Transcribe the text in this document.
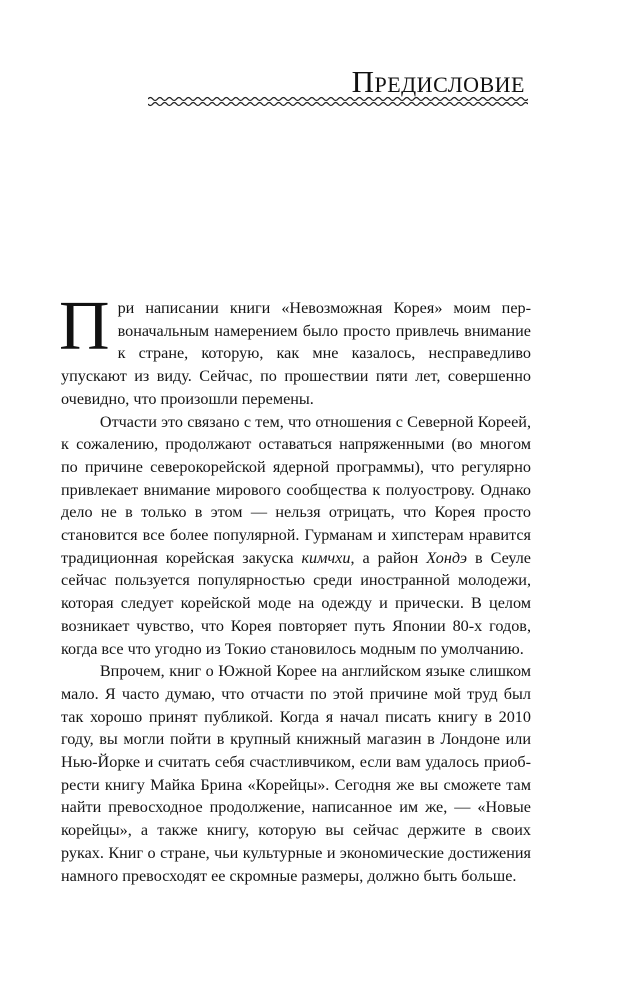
Предисловие

При написании книги «Невозможная Корея» моим первоначальным намерением было просто привлечь внимание к стране, которую, как мне казалось, несправедливо упускают из виду. Сейчас, по прошествии пяти лет, совершенно очевидно, что произошли перемены.

Отчасти это связано с тем, что отношения с Северной Кореей, к сожалению, продолжают оставаться напряженными (во многом по причине северокорейской ядерной программы), что регулярно привлекает внимание мирового сообщества к полуострову. Однако дело не в только в этом — нельзя отрицать, что Корея просто становится все более популярной. Гурманам и хипстерам нравится традиционная корейская закуска кимчхи, а район Хондэ в Сеуле сейчас пользуется популярностью среди иностранной молодежи, которая следует корейской моде на одежду и прически. В целом возникает чувство, что Корея повторяет путь Японии 80-х годов, когда все что угодно из Токио становилось модным по умолчанию.

Впрочем, книг о Южной Корее на английском языке слишком мало. Я часто думаю, что отчасти по этой причине мой труд был так хорошо принят публикой. Когда я начал писать книгу в 2010 году, вы могли пойти в крупный книжный магазин в Лондоне или Нью-Йорке и считать себя счастливчиком, если вам удалось приобрести книгу Майка Брина «Корейцы». Сегодня же вы сможете там найти превосходное продолжение, написанное им же, — «Новые корейцы», а также книгу, которую вы сейчас держите в своих руках. Книг о стране, чьи культурные и экономические достижения намного превосходят ее скромные размеры, должно быть больше.
